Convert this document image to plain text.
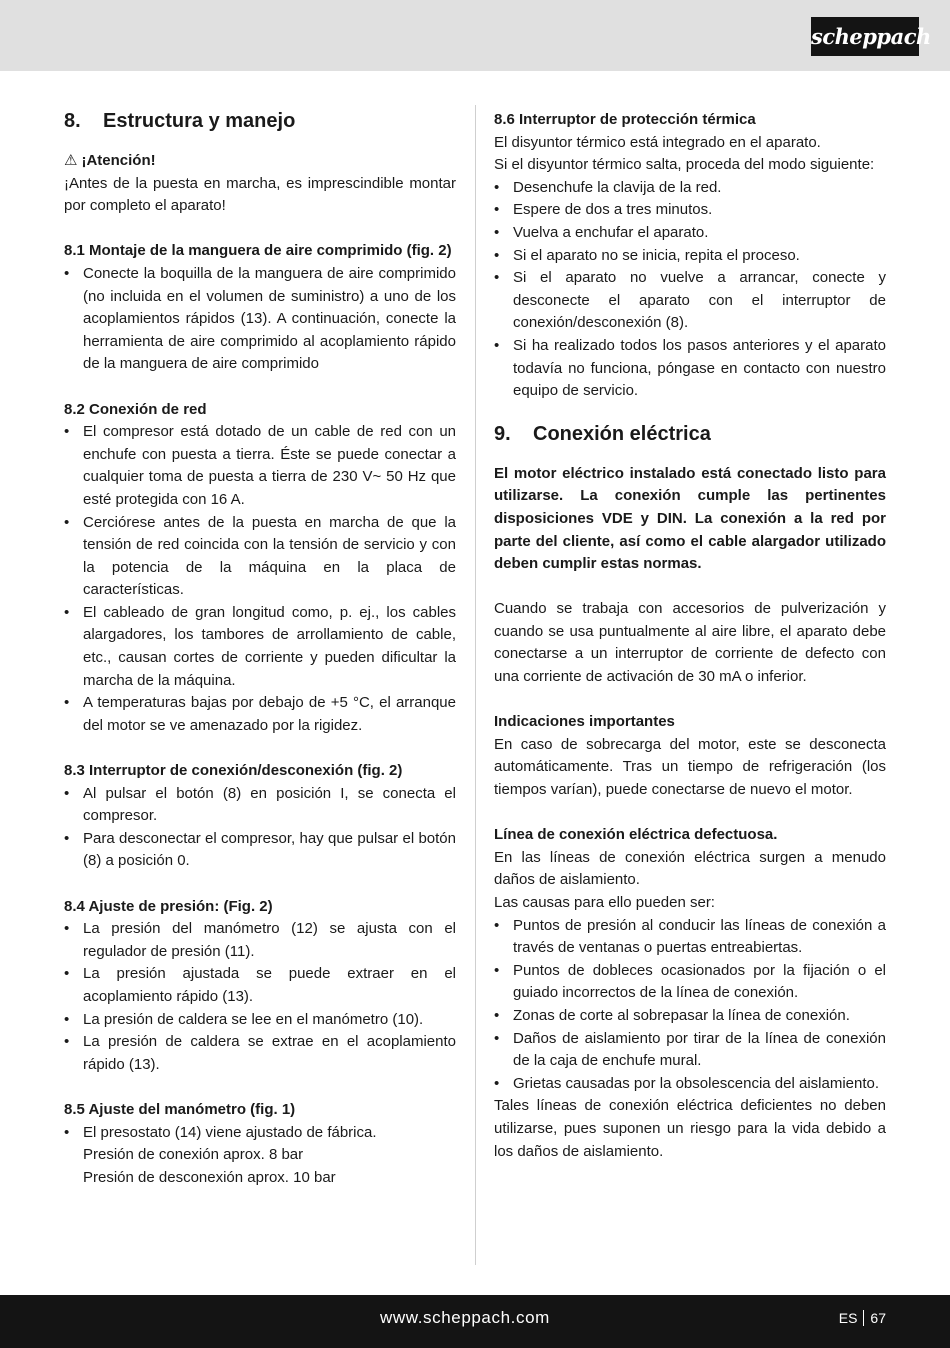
scheppach
8. Estructura y manejo

⚠ ¡Atención!

¡Antes de la puesta en marcha, es imprescindible montar por completo el aparato!

8.1 Montaje de la manguera de aire comprimido (fig. 2)

• Conecte la boquilla de la manguera de aire comprimido (no incluida en el volumen de suministro) a uno de los acoplamientos rápidos (13). A continuación, conecte la herramienta de aire comprimido al acoplamiento rápido de la manguera de aire comprimido

8.2 Conexión de red

• El compresor está dotado de un cable de red con un enchufe con puesta a tierra. Éste se puede conectar a cualquier toma de puesta a tierra de 230 V~ 50 Hz que esté protegida con 16 A.
• Cerciórese antes de la puesta en marcha de que la tensión de red coincida con la tensión de servicio y con la potencia de la máquina en la placa de características.
• El cableado de gran longitud como, p. ej., los cables alargadores, los tambores de arrollamiento de cable, etc., causan cortes de corriente y pueden dificultar la marcha de la máquina.
• A temperaturas bajas por debajo de +5 °C, el arranque del motor se ve amenazado por la rigidez.

8.3 Interruptor de conexión/desconexión (fig. 2)

• Al pulsar el botón (8) en posición I, se conecta el compresor.
• Para desconectar el compresor, hay que pulsar el botón (8) a posición 0.

8.4 Ajuste de presión: (Fig. 2)

• La presión del manómetro (12) se ajusta con el regulador de presión (11).
• La presión ajustada se puede extraer en el acoplamiento rápido (13).
• La presión de caldera se lee en el manómetro (10).
• La presión de caldera se extrae en el acoplamiento rápido (13).

8.5 Ajuste del manómetro (fig. 1)

• El presostato (14) viene ajustado de fábrica.

Presión de conexión aprox. 8 bar

Presión de desconexión aprox. 10 bar

8.6 Interruptor de protección térmica

El disyuntor térmico está integrado en el aparato.

Si el disyuntor térmico salta, proceda del modo siguiente:

• Desenchufe la clavija de la red.
• Espere de dos a tres minutos.
• Vuelva a enchufar el aparato.
• Si el aparato no se inicia, repita el proceso.
• Si el aparato no vuelve a arrancar, conecte y desconecte el aparato con el interruptor de conexión/desconexión (8).
• Si ha realizado todos los pasos anteriores y el aparato todavía no funciona, póngase en contacto con nuestro equipo de servicio.
9. Conexión eléctrica

El motor eléctrico instalado está conectado listo para utilizarse. La conexión cumple las pertinentes disposiciones VDE y DIN. La conexión a la red por parte del cliente, así como el cable alargador utilizado deben cumplir estas normas.

Cuando se trabaja con accesorios de pulverización y cuando se usa puntualmente al aire libre, el aparato debe conectarse a un interruptor de corriente de defecto con una corriente de activación de 30 mA o inferior.

Indicaciones importantes

En caso de sobrecarga del motor, este se desconecta automáticamente. Tras un tiempo de refrigeración (los tiempos varían), puede conectarse de nuevo el motor.

Línea de conexión eléctrica defectuosa.

En las líneas de conexión eléctrica surgen a menudo daños de aislamiento.

Las causas para ello pueden ser:

• Puntos de presión al conducir las líneas de conexión a través de ventanas o puertas entreabiertas.
• Puntos de dobleces ocasionados por la fijación o el guiado incorrectos de la línea de conexión.
• Zonas de corte al sobrepasar la línea de conexión.
• Daños de aislamiento por tirar de la línea de conexión de la caja de enchufe mural.
• Grietas causadas por la obsolescencia del aislamiento.

Tales líneas de conexión eléctrica deficientes no deben utilizarse, pues suponen un riesgo para la vida debido a los daños de aislamiento.

www.scheppach.com	ES 67
